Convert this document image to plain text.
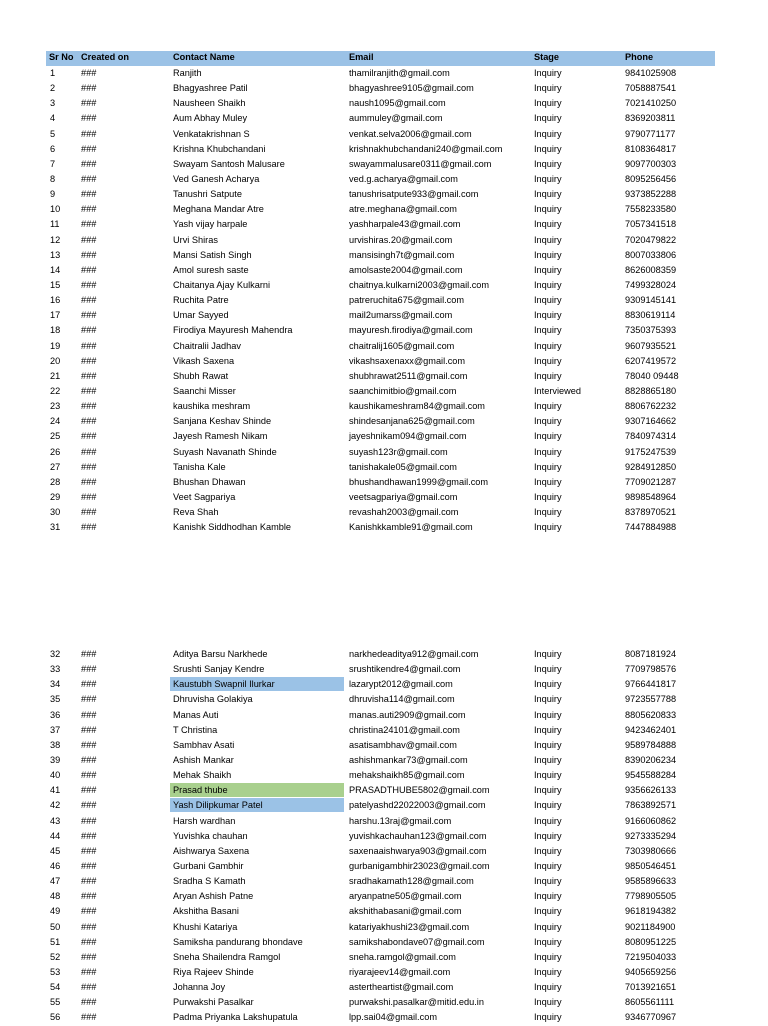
Sr No Created on	Contact Name	Email	Stage	Phone
1	###	Ranjith	thamilranjith@gmail.com	Inquiry	9841025908
2	###	Bhagyashree Patil	bhagyashree9105@gmail.com	Inquiry	7058887541
3	###	Nausheen Shaikh	naush1095@gmail.com	Inquiry	7021410250
4	###	Aum Abhay Muley	aummuley@gmail.com	Inquiry	8369203811
5	###	Venkatakrishnan S	venkat.selva2006@gmail.com	Inquiry	9790771177
6	###	Krishna Khubchandani	krishnakhubchandani240@gmail.com	Inquiry	8108364817
7	###	Swayam Santosh Malusare	swayammalusare0311@gmail.com	Inquiry	9097700303
8	###	Ved Ganesh Acharya	ved.g.acharya@gmail.com	Inquiry	8095256456
9	###	Tanushri Satpute	tanushrisatpute933@gmail.com	Inquiry	9373852288
10 ###	Meghana Mandar Atre	atre.meghana@gmail.com	Inquiry	7558233580
11 ###	Yash vijay harpale	yashharpale43@gmail.com	Inquiry	7057341518
12 ###	Urvi Shiras	urvishiras.20@gmail.com	Inquiry	7020479822
13 ###	Mansi Satish Singh	mansisingh7t@gmail.com	Inquiry	8007033806
14 ###	Amol suresh saste	amolsaste2004@gmail.com	Inquiry	8626008359
15 ###	Chaitanya Ajay Kulkarni	chaitnya.kulkarni2003@gmail.com	Inquiry	7499328024
16 ###	Ruchita Patre	patreruchita675@gmail.com	Inquiry	9309145141
17 ###	Umar Sayyed	mail2umarss@gmail.com	Inquiry	8830619114
18 ###	Firodiya Mayuresh Mahendra	mayuresh.firodiya@gmail.com	Inquiry	7350375393
19 ###	Chaitralii Jadhav	chaitralij1605@gmail.com	Inquiry	9607935521
20 ###	Vikash Saxena	vikashsaxenaxx@gmail.com	Inquiry	6207419572
21 ###	Shubh Rawat	shubhrawat2511@gmail.com	Inquiry	78040 09448
22 ###	Saanchi Misser	saanchimitbio@gmail.com	Interviewed	8828865180
23 ###	kaushika meshram	kaushikameshram84@gmail.com	Inquiry	8806762232
24 ###	Sanjana Keshav Shinde	shindesanjana625@gmail.com	Inquiry	9307164662
25 ###	Jayesh Ramesh Nikam	jayeshnikam094@gmail.com	Inquiry	7840974314
26 ###	Suyash Navanath Shinde	suyash123r@gmail.com	Inquiry	9175247539
27 ###	Tanisha Kale	tanishakale05@gmail.com	Inquiry	9284912850
28 ###	Bhushan Dhawan	bhushandhawan1999@gmail.com	Inquiry	7709021287
29 ###	Veet Sagpariya	veetsagpariya@gmail.com	Inquiry	9898548964
30 ###	Reva Shah	revashah2003@gmail.com	Inquiry	8378970521
31 ###	Kanishk Siddhodhan Kamble	Kanishkkamble91@gmail.com	Inquiry	7447884988
32 ###	Aditya Barsu Narkhede	narkhedeaditya912@gmail.com	Inquiry	8087181924
33 ###	Srushti Sanjay Kendre	srushtikendre4@gmail.com	Inquiry	7709798576
34 ###	Kaustubh Swapnil Ilurkar	lazarypt2012@gmail.com	Inquiry	9766441817
35 ###	Dhruvisha Golakiya	dhruvisha114@gmail.com	Inquiry	9723557788
36 ###	Manas Auti	manas.auti2909@gmail.com	Inquiry	8805620833
37 ###	T Christina	christina24101@gmail.com	Inquiry	9423462401
38 ###	Sambhav Asati	asatisambhav@gmail.com	Inquiry	9589784888
39 ###	Ashish Mankar	ashishmankar73@gmail.com	Inquiry	8390206234
40 ###	Mehak Shaikh	mehakshaikh85@gmail.com	Inquiry	9545588284
41 ###	Prasad thube	PRASADTHUBE5802@gmail.com	Inquiry	9356626133
42 ###	Yash Dilipkumar Patel	patelyashd22022003@gmail.com	Inquiry	7863892571
43 ###	Harsh wardhan	harshu.13raj@gmail.com	Inquiry	9166060862
44 ###	Yuvishka chauhan	yuvishkachauhan123@gmail.com	Inquiry	9273335294
45 ###	Aishwarya Saxena	saxenaaishwarya903@gmail.com	Inquiry	7303980666
46 ###	Gurbani Gambhir	gurbanigambhir23023@gmail.com	Inquiry	9850546451
47 ###	Sradha S Kamath	sradhakamath128@gmail.com	Inquiry	9585896633
48 ###	Aryan Ashish Patne	aryanpatne505@gmail.com	Inquiry	7798905505
49 ###	Akshitha Basani	akshithabasani@gmail.com	Inquiry	9618194382
50 ###	Khushi Katariya	katariyakhushi23@gmail.com	Inquiry	9021184900
51 ###	Samiksha pandurang bhondave	samikshabondave07@gmail.com	Inquiry	8080951225
52 ###	Sneha Shailendra Ramgol	sneha.ramgol@gmail.com	Inquiry	7219504033
53 ###	Riya Rajeev Shinde	riyarajeev14@gmail.com	Inquiry	9405659256
54 ###	Johanna Joy	astertheartist@gmail.com	Inquiry	7013921651
55 ###	Purwakshi Pasalkar	purwakshi.pasalkar@mitid.edu.in	Inquiry	8605561111
56 ###	Padma Priyanka Lakshupatula	lpp.sai04@gmail.com	Inquiry	9346770967
